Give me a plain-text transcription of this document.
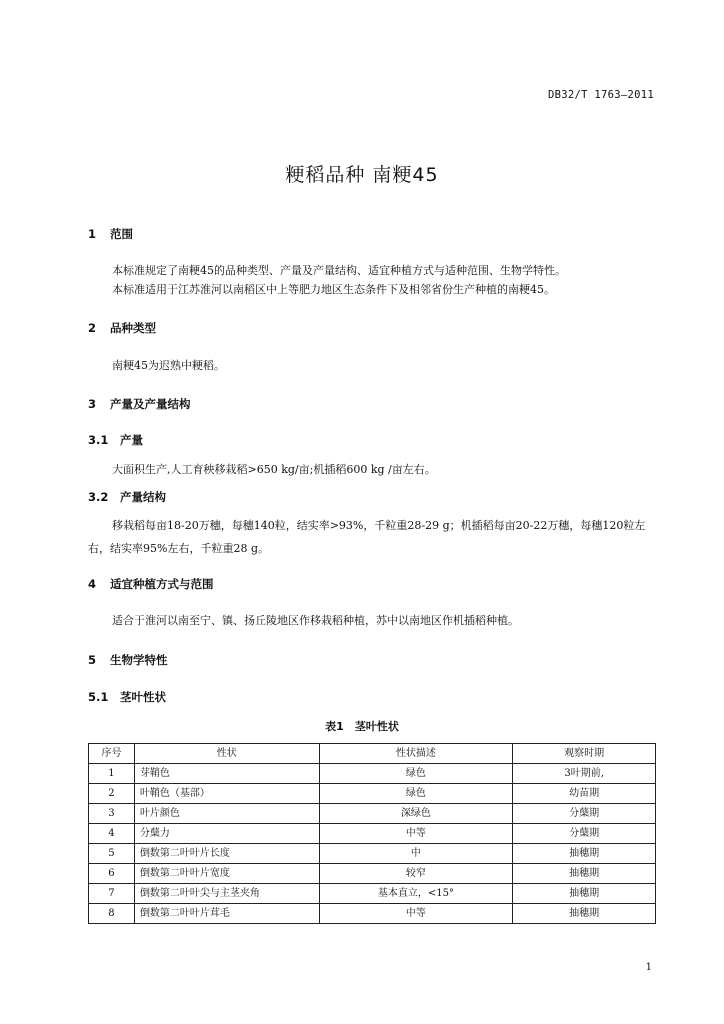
DB32/T 1763—2011
粳稻品种 南粳45
1 范围
本标准规定了南粳45的品种类型、产量及产量结构、适宜种植方式与适种范围、生物学特性。
本标准适用于江苏淮河以南稻区中上等肥力地区生态条件下及相邻省份生产种植的南粳45。
2 品种类型
南粳45为迟熟中粳稻。
3 产量及产量结构
3.1 产量
大面积生产,人工育秧移栽稻>650 kg/亩;机插稻600 kg /亩左右。
3.2 产量结构
移栽稻每亩18-20万穗，每穗140粒，结实率>93%，千粒重28-29 g；机插稻每亩20-22万穗，每穗120粒左右，结实率95%左右，千粒重28 g。
4 适宜种植方式与范围
适合于淮河以南至宁、镇、扬丘陵地区作移栽稻种植，苏中以南地区作机插稻种植。
5 生物学特性
5.1 茎叶性状
表1　茎叶性状
序号	性状	性状描述	观察时期
1	芽鞘色	绿色	3叶期前,
2	叶鞘色（基部）	绿色	幼苗期
3	叶片颜色	深绿色	分蘖期
4	分蘖力	中等	分蘖期
5	倒数第二叶叶片长度	中	抽穗期
6	倒数第二叶叶片宽度	较窄	抽穗期
7	倒数第二叶叶尖与主茎夹角	基本直立，<15°	抽穗期
8	倒数第二叶叶片茸毛	中等	抽穗期
1
